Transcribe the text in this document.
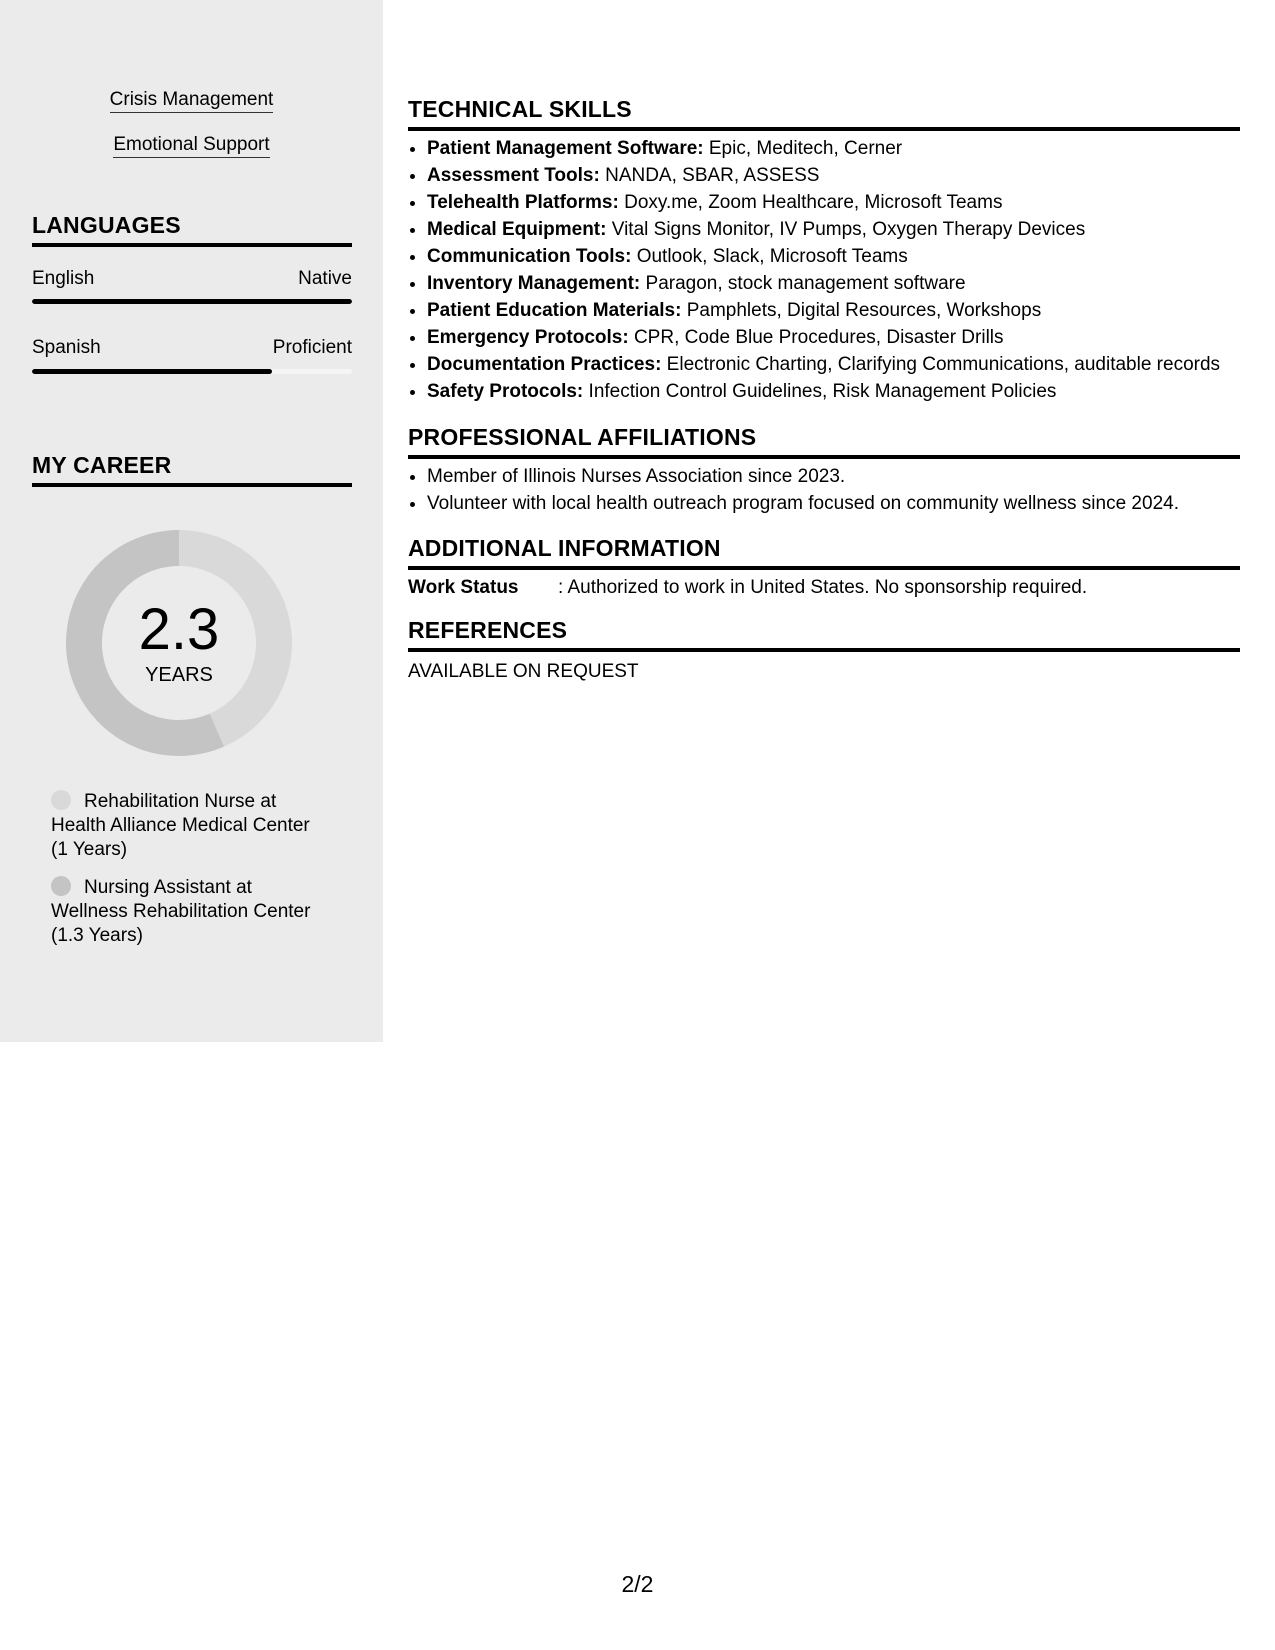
Crisis Management
Emotional Support
LANGUAGES
English	Native
Spanish	Proficient
MY CAREER
2.3
YEARS
Rehabilitation Nurse at Health Alliance Medical Center (1 Years)
Nursing Assistant at Wellness Rehabilitation Center (1.3 Years)
TECHNICAL SKILLS
• Patient Management Software: Epic, Meditech, Cerner
• Assessment Tools: NANDA, SBAR, ASSESS
• Telehealth Platforms: Doxy.me, Zoom Healthcare, Microsoft Teams
• Medical Equipment: Vital Signs Monitor, IV Pumps, Oxygen Therapy Devices
• Communication Tools: Outlook, Slack, Microsoft Teams
• Inventory Management: Paragon, stock management software
• Patient Education Materials: Pamphlets, Digital Resources, Workshops
• Emergency Protocols: CPR, Code Blue Procedures, Disaster Drills
• Documentation Practices: Electronic Charting, Clarifying Communications, auditable records
• Safety Protocols: Infection Control Guidelines, Risk Management Policies
PROFESSIONAL AFFILIATIONS
• Member of Illinois Nurses Association since 2023.
• Volunteer with local health outreach program focused on community wellness since 2024.
ADDITIONAL INFORMATION
Work Status : Authorized to work in United States. No sponsorship required.
REFERENCES
AVAILABLE ON REQUEST
2/2
